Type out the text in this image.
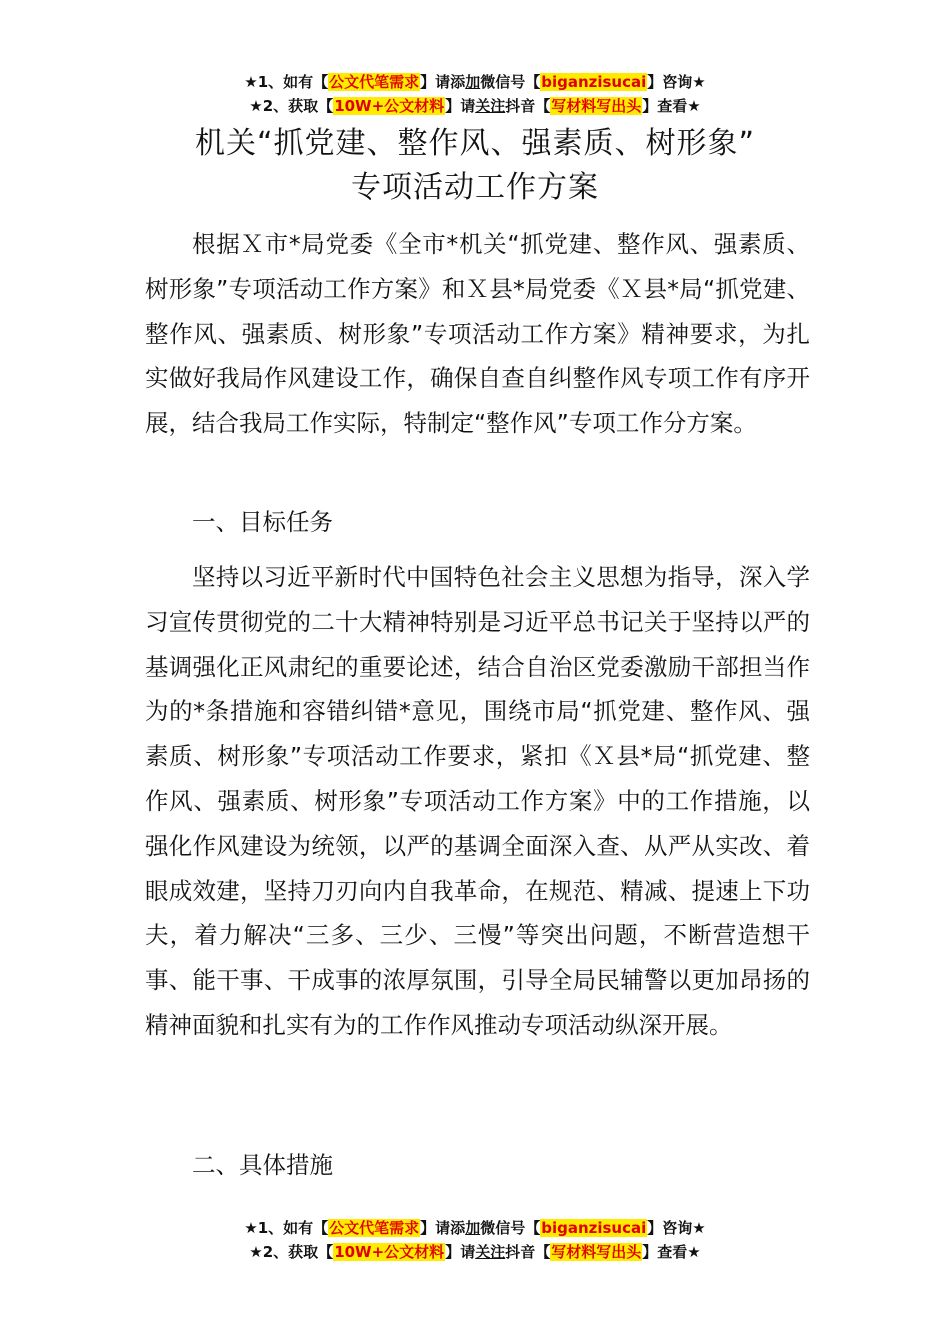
★1、如有【公文代笔需求】请添加微信号【biganzisucai】咨询★
★2、获取【10W+公文材料】请关注抖音【写材料写出头】查看★
机关“抓党建、整作风、强素质、树形象”
专项活动工作方案

根据Ｘ市*局党委《全市*机关“抓党建、整作风、强素质、树形象”专项活动工作方案》和Ｘ县*局党委《Ｘ县*局“抓党建、整作风、强素质、树形象”专项活动工作方案》精神要求，为扎实做好我局作风建设工作，确保自查自纠整作风专项工作有序开展，结合我局工作实际，特制定“整作风”专项工作分方案。

一、目标任务

坚持以习近平新时代中国特色社会主义思想为指导，深入学习宣传贯彻党的二十大精神特别是习近平总书记关于坚持以严的基调强化正风肃纪的重要论述，结合自治区党委激励干部担当作为的*条措施和容错纠错*意见，围绕市局“抓党建、整作风、强素质、树形象”专项活动工作要求，紧扣《Ｘ县*局“抓党建、整作风、强素质、树形象”专项活动工作方案》中的工作措施，以强化作风建设为统领，以严的基调全面深入查、从严从实改、着眼成效建，坚持刀刃向内自我革命，在规范、精减、提速上下功夫，着力解决“三多、三少、三慢”等突出问题，不断营造想干事、能干事、干成事的浓厚氛围，引导全局民辅警以更加昂扬的精神面貌和扎实有为的工作作风推动专项活动纵深开展。

二、具体措施

★1、如有【公文代笔需求】请添加微信号【biganzisucai】咨询★
★2、获取【10W+公文材料】请关注抖音【写材料写出头】查看★
